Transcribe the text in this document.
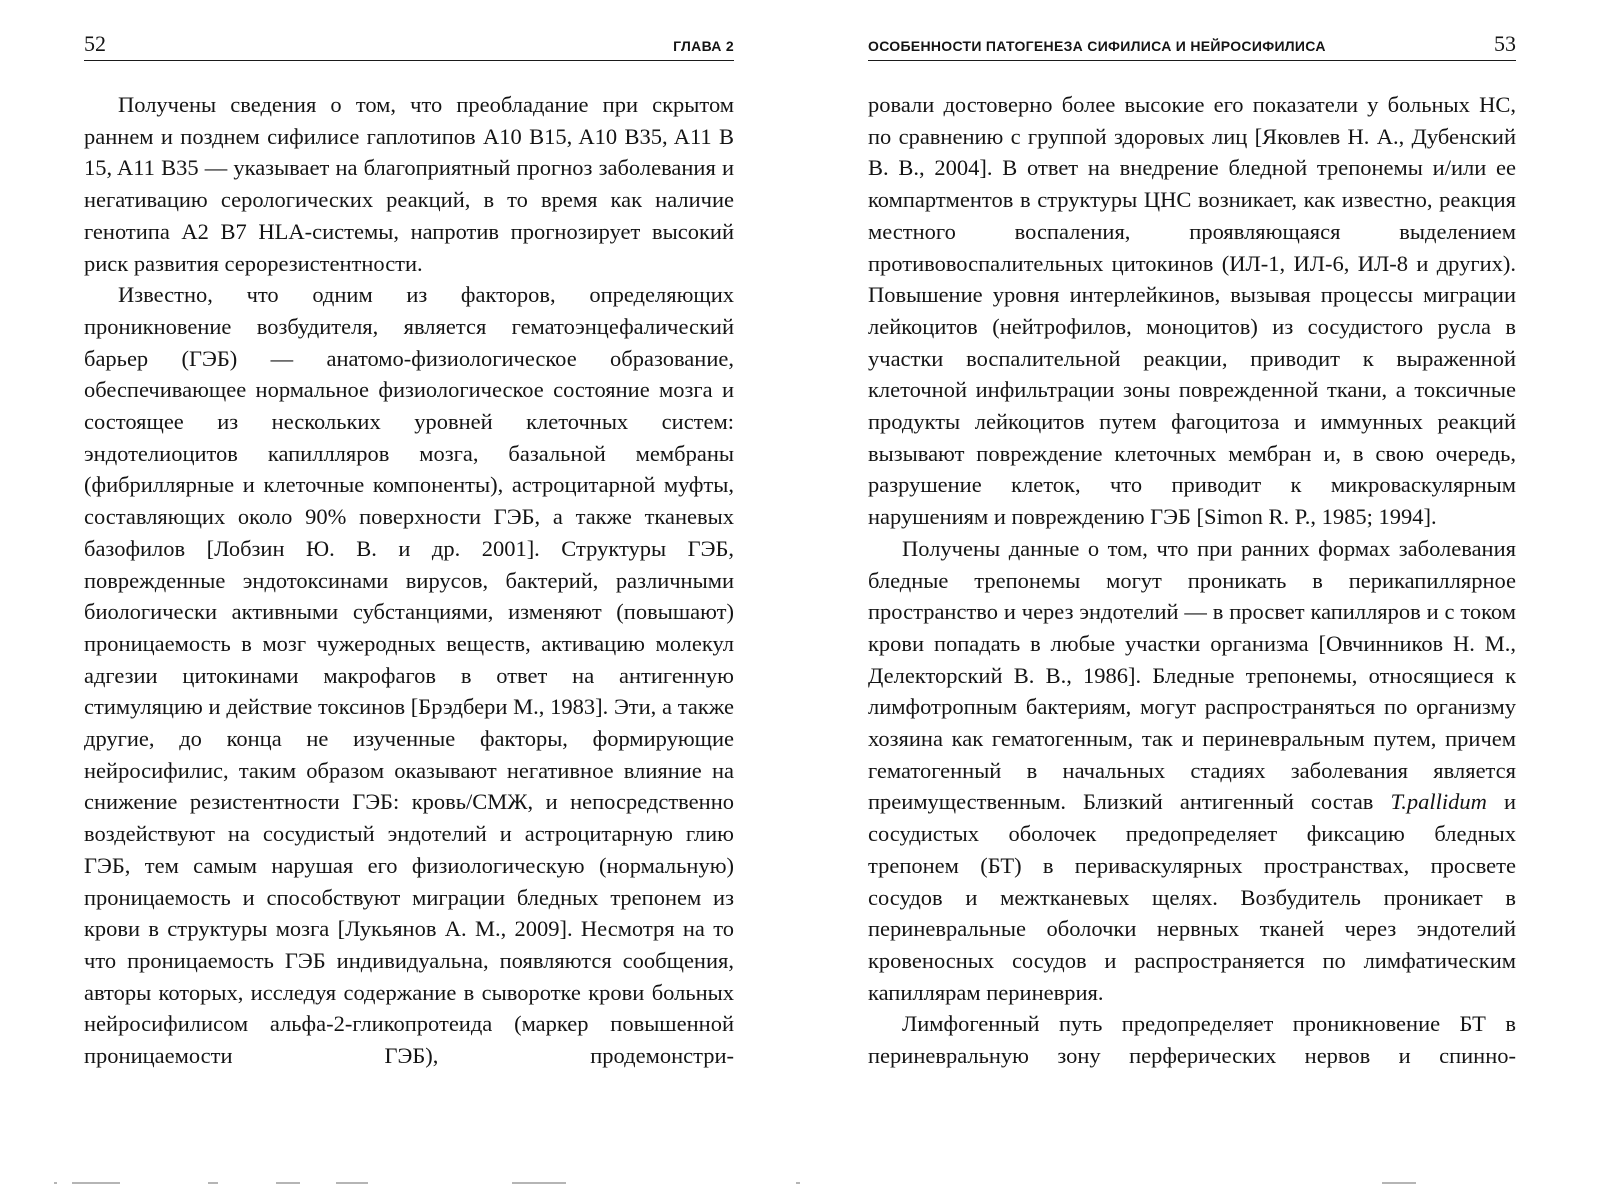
52	ГЛАВА 2

Получены сведения о том, что преобладание при скрытом раннем и позднем сифилисе гаплотипов A10 B15, A10 B35, A11 B 15, A11 B35 — указывает на благоприятный прогноз заболевания и негативацию серологических реакций, в то время как наличие генотипа A2 B7 HLA-системы, напротив прогнозирует высокий риск развития серорезистентности.

Известно, что одним из факторов, определяющих проникновение возбудителя, является гематоэнцефалический барьер (ГЭБ) — анатомо-физиологическое образование, обеспечивающее нормальное физиологическое состояние мозга и состоящее из нескольких уровней клеточных систем: эндотелиоцитов капиллляров мозга, базальной мембраны (фибриллярные и клеточные компоненты), астроцитарной муфты, составляющих около 90% поверхности ГЭБ, а также тканевых базофилов [Лобзин Ю. В. и др. 2001]. Структуры ГЭБ, поврежденные эндотоксинами вирусов, бактерий, различными биологически активными субстанциями, изменяют (повышают) проницаемость в мозг чужеродных веществ, активацию молекул адгезии цитокинами макрофагов в ответ на антигенную стимуляцию и действие токсинов [Брэдбери М., 1983]. Эти, а также другие, до конца не изученные факторы, формирующие нейросифилис, таким образом оказывают негативное влияние на снижение резистентности ГЭБ: кровь/СМЖ, и непосредственно воздействуют на сосудистый эндотелий и астроцитарную глию ГЭБ, тем самым нарушая его физиологическую (нормальную) проницаемость и способствуют миграции бледных трепонем из крови в структуры мозга [Лукьянов А. М., 2009]. Несмотря на то что проницаемость ГЭБ индивидуальна, появляются сообщения, авторы которых, исследуя содержание в сыворотке крови больных нейросифилисом альфа-2-гликопротеида (маркер повышенной проницаемости ГЭБ), продемонстри-

ОСОБЕННОСТИ ПАТОГЕНЕЗА СИФИЛИСА И НЕЙРОСИФИЛИСА	53

ровали достоверно более высокие его показатели у больных НС, по сравнению с группой здоровых лиц [Яковлев Н. А., Дубенский В. В., 2004]. В ответ на внедрение бледной трепонемы и/или ее компартментов в структуры ЦНС возникает, как известно, реакция местного воспаления, проявляющаяся выделением противовоспалительных цитокинов (ИЛ-1, ИЛ-6, ИЛ-8 и других). Повышение уровня интерлейкинов, вызывая процессы миграции лейкоцитов (нейтрофилов, моноцитов) из сосудистого русла в участки воспалительной реакции, приводит к выраженной клеточной инфильтрации зоны поврежденной ткани, а токсичные продукты лейкоцитов путем фагоцитоза и иммунных реакций вызывают повреждение клеточных мембран и, в свою очередь, разрушение клеток, что приводит к микроваскулярным нарушениям и повреждению ГЭБ [Simon R. P., 1985; 1994].

Получены данные о том, что при ранних формах заболевания бледные трепонемы могут проникать в перикапиллярное пространство и через эндотелий — в просвет капилляров и с током крови попадать в любые участки организма [Овчинников Н. М., Делекторский В. В., 1986]. Бледные трепонемы, относящиеся к лимфотропным бактериям, могут распространяться по организму хозяина как гематогенным, так и периневральным путем, причем гематогенный в начальных стадиях заболевания является преимущественным. Близкий антигенный состав T.pallidum и сосудистых оболочек предопределяет фиксацию бледных трепонем (БТ) в периваскулярных пространствах, просвете сосудов и межтканевых щелях. Возбудитель проникает в периневральные оболочки нервных тканей через эндотелий кровеносных сосудов и распространяется по лимфатическим капиллярам периневрия.

Лимфогенный путь предопределяет проникновение БТ в периневральную зону перферических нервов и спинно-
